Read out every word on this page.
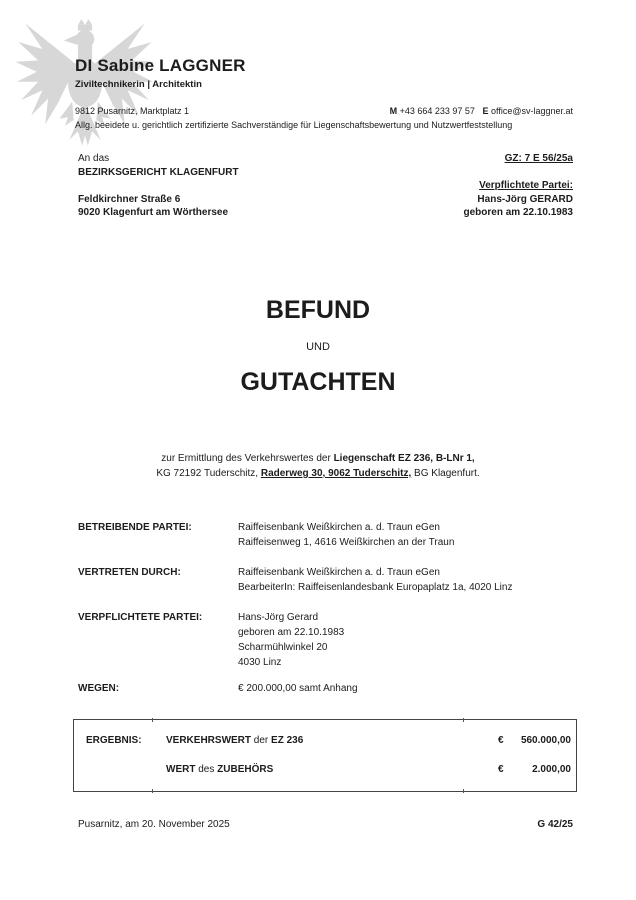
DI Sabine LAGGNER
Ziviltechnikerin | Architektin
9812 Pusarnitz, Marktplatz 1	M +43 664 233 97 57 E office@sv-laggner.at
Allg. beeidete u. gerichtlich zertifizierte Sachverständige für Liegenschaftsbewertung und Nutzwertfeststellung
An das
BEZIRKSGERICHT KLAGENFURT
Feldkirchner Straße 6
9020 Klagenfurt am Wörthersee
GZ: 7 E 56/25a
Verpflichtete Partei:
Hans-Jörg GERARD
geboren am 22.10.1983
BEFUND
UND
GUTACHTEN
zur Ermittlung des Verkehrswertes der Liegenschaft EZ 236, B-LNr 1,
KG 72192 Tuderschitz, Raderweg 30, 9062 Tuderschitz, BG Klagenfurt.
BETREIBENDE PARTEI:	Raiffeisenbank Weißkirchen a. d. Traun eGen
Raiffeisenweg 1, 4616 Weißkirchen an der Traun
VERTRETEN DURCH:	Raiffeisenbank Weißkirchen a. d. Traun eGen
BearbeiterIn: Raiffeisenlandesbank Europaplatz 1a, 4020 Linz
VERPFLICHTETE PARTEI:	Hans-Jörg Gerard
geboren am 22.10.1983
Scharmühlwinkel 20
4030 Linz
WEGEN:	€ 200.000,00 samt Anhang
ERGEBNIS: VERKEHRSWERT der EZ 236	€ 560.000,00
WERT des ZUBEHÖRS	€	2.000,00
Pusarnitz, am 20. November 2025	G 42/25
